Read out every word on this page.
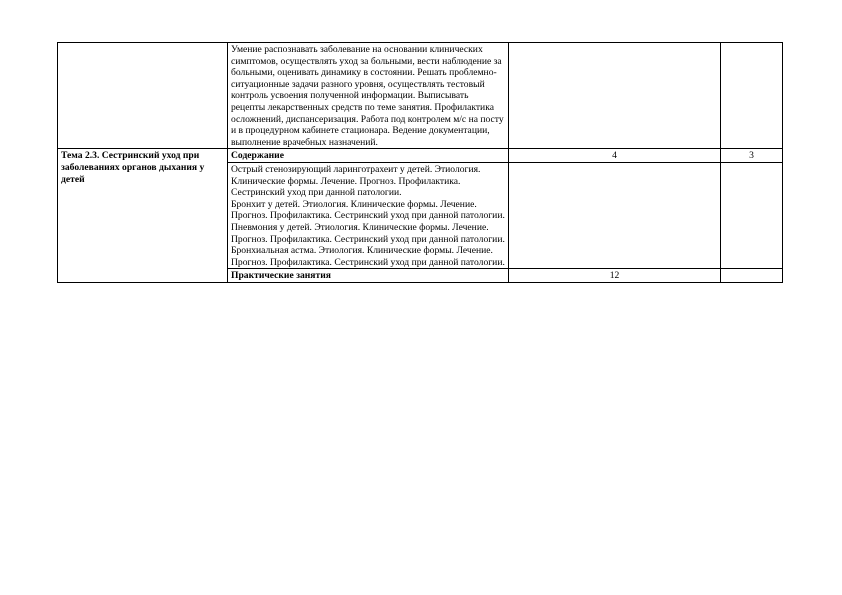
	Умение распознавать заболевание на основании клинических симптомов, осуществлять уход за больными, вести наблюдение за больными, оценивать динамику в состоянии. Решать проблемно-ситуационные задачи разного уровня, осуществлять тестовый контроль усвоения полученной информации. Выписывать рецепты лекарственных средств по теме занятия. Профилактика осложнений, диспансеризация. Работа под контролем м/с на посту и в процедурном кабинете стационара. Ведение документации, выполнение врачебных назначений.		
Тема 2.3. Сестринский уход при заболеваниях органов дыхания у детей	Содержание	4	3

	Острый стенозирующий ларинготрахеит у детей. Этиология. Клинические формы. Лечение. Прогноз. Профилактика. Сестринский уход при данной патологии.
Бронхит у детей. Этиология. Клинические формы. Лечение. Прогноз. Профилактика. Сестринский уход при данной патологии.
Пневмония у детей. Этиология. Клинические формы. Лечение. Прогноз. Профилактика. Сестринский уход при данной патологии.
Бронхиальная астма. Этиология. Клинические формы. Лечение. Прогноз. Профилактика. Сестринский уход при данной патологии.		

	Практические занятия	12	
